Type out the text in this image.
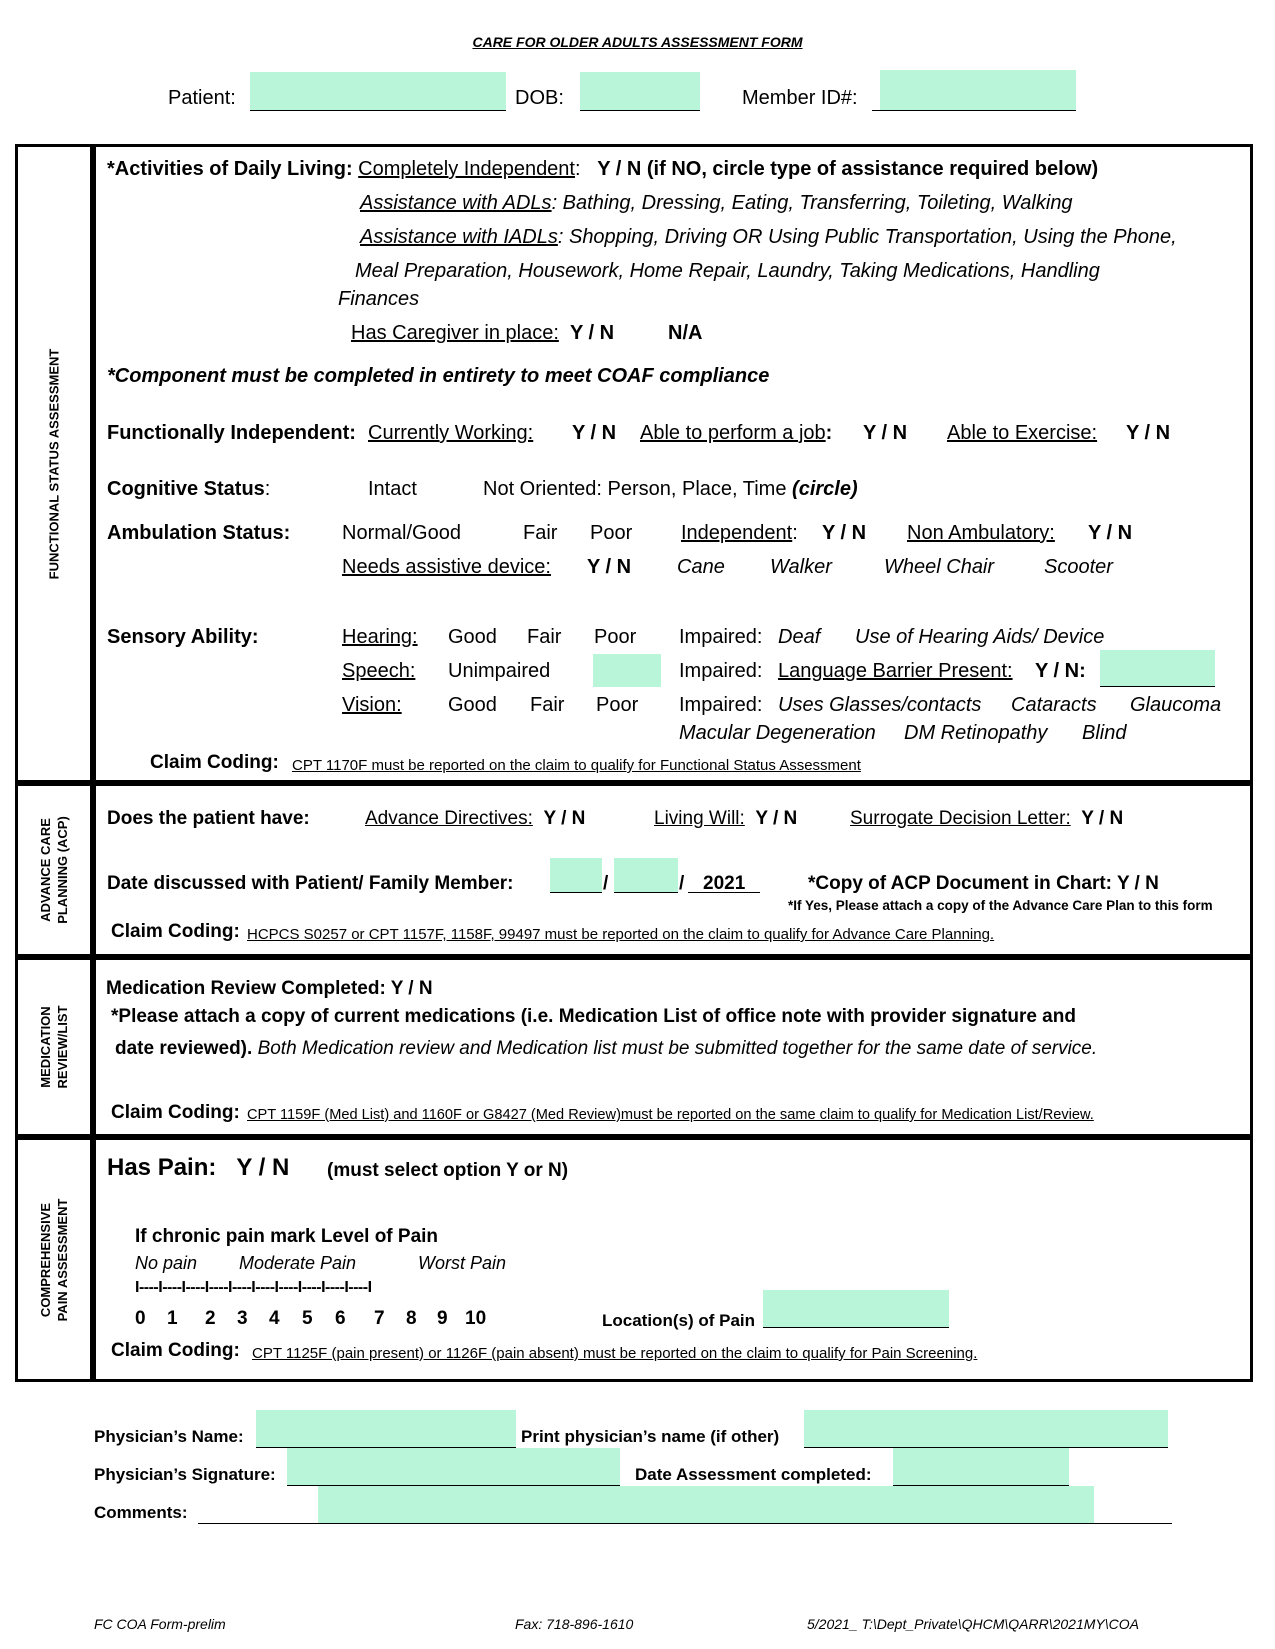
CARE FOR OLDER ADULTS ASSESSMENT FORM
Patient:	DOB:	Member ID#:
FUNCTIONAL STATUS ASSESSMENT
*Activities of Daily Living: Completely Independent:   Y / N (if NO, circle type of assistance required below)
Assistance with ADLs: Bathing, Dressing, Eating, Transferring, Toileting, Walking
Assistance with IADLs: Shopping, Driving OR Using Public Transportation, Using the Phone,
Meal Preparation, Housework, Home Repair, Laundry, Taking Medications, Handling
Finances
Has Caregiver in place: Y / N	N/A
*Component must be completed in entirety to meet COAF compliance
Functionally Independent: Currently Working: Y / N Able to perform a job: Y / N Able to Exercise: Y / N
Cognitive Status:	Intact	Not Oriented: Person, Place, Time (circle)
Ambulation Status:	Normal/Good	Fair Poor Independent: Y / N Non Ambulatory: Y / N
Needs assistive device: Y / N Cane Walker	Wheel Chair Scooter
Sensory Ability:	Hearing: Good Fair Poor Impaired: Deaf Use of Hearing Aids/ Device
Speech: Unimpaired	Impaired: Language Barrier Present: Y / N:
Vision: Good Fair Poor Impaired: Uses Glasses/contacts Cataracts Glaucoma
Macular Degeneration DM Retinopathy Blind
Claim Coding: CPT 1170F must be reported on the claim to qualify for Functional Status Assessment
ADVANCE CARE PLANNING (ACP) Does the patient have:	Advance Directives: Y / N	Living Will: Y / N	Surrogate Decision Letter: Y / N
Date discussed with Patient/ Family Member:	/	/ 2021	*Copy of ACP Document in Chart: Y / N
*If Yes, Please attach a copy of the Advance Care Plan to this form
Claim Coding: HCPCS S0257 or CPT 1157F, 1158F, 99497 must be reported on the claim to qualify for Advance Care Planning.
MEDICATION REVIEW/LIST
Medication Review Completed: Y / N
*Please attach a copy of current medications (i.e. Medication List of office note with provider signature and
date reviewed). Both Medication review and Medication list must be submitted together for the same date of service.
Claim Coding: CPT 1159F (Med List) and 1160F or G8427 (Med Review)must be reported on the same claim to qualify for Medication List/Review.
COMPREHENSIVE PAIN ASSESSMENT
Has Pain: Y / N (must select option Y or N)
If chronic pain mark Level of Pain
No pain Moderate Pain	Worst Pain
I----I----I----I----I----I----I----I----I----I----I
0 1 2 3 4 5 6 7 8 9 10	Location(s) of Pain
Claim Coding: CPT 1125F (pain present) or 1126F (pain absent) must be reported on the claim to qualify for Pain Screening.
Physician’s Name:	Print physician’s name (if other)
Physician’s Signature:	Date Assessment completed:
Comments:
FC COA Form-prelim	Fax: 718-896-1610	5/2021_ T:\Dept_Private\QHCM\QARR\2021MY\COA
